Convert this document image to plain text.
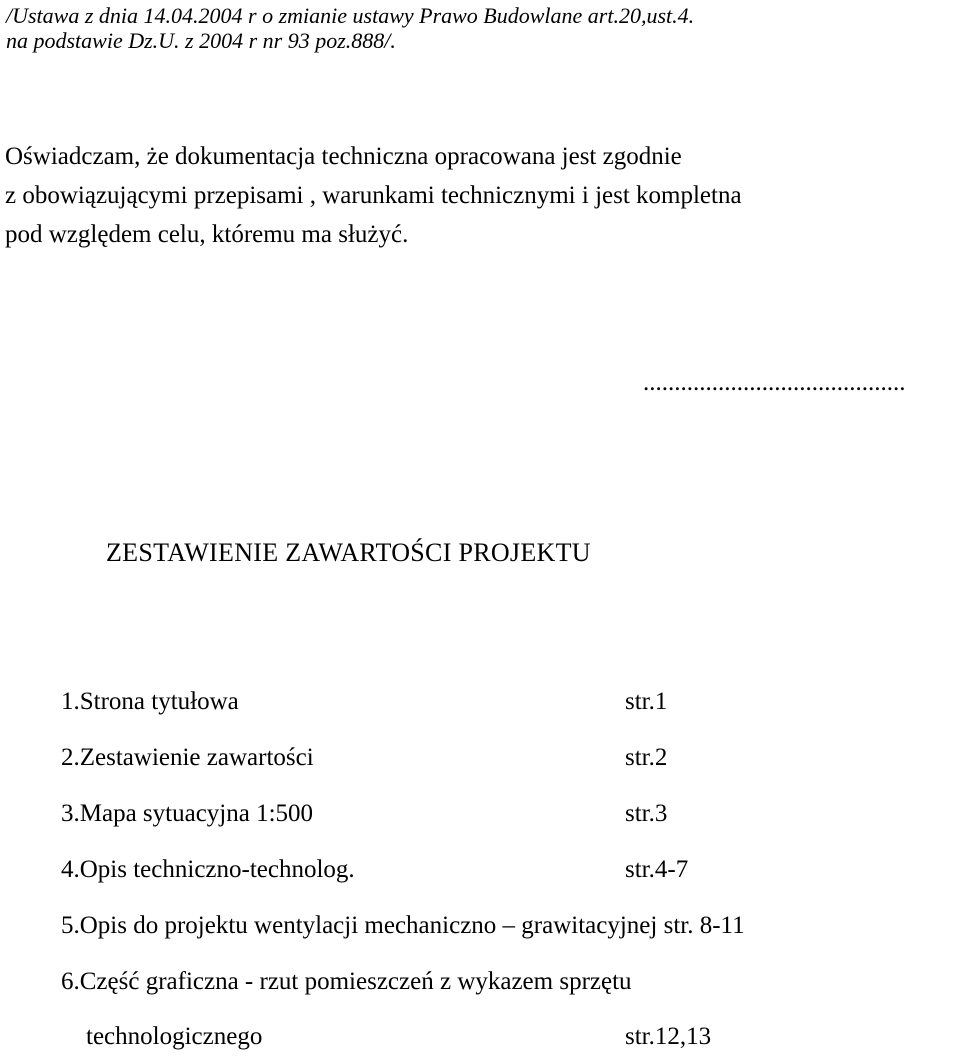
/Ustawa z dnia 14.04.2004 r o zmianie ustawy Prawo Budowlane art.20,ust.4.

na podstawie Dz.U. z 2004 r nr 93 poz.888/.

Oświadczam, że dokumentacja techniczna opracowana jest zgodnie

z obowiązującymi przepisami , warunkami technicznymi i jest kompletna

pod względem celu, któremu ma służyć.

..........................................

ZESTAWIENIE ZAWARTOŚCI PROJEKTU

1.Strona tytułowa	str.1

2.Zestawienie zawartości	str.2

3.Mapa sytuacyjna 1:500	str.3

4.Opis techniczno-technolog.	str.4-7

5.Opis do projektu wentylacji mechaniczno – grawitacyjnej str. 8-11

6.Część graficzna - rzut pomieszczeń z wykazem sprzętu

technologicznego	str.12,13
